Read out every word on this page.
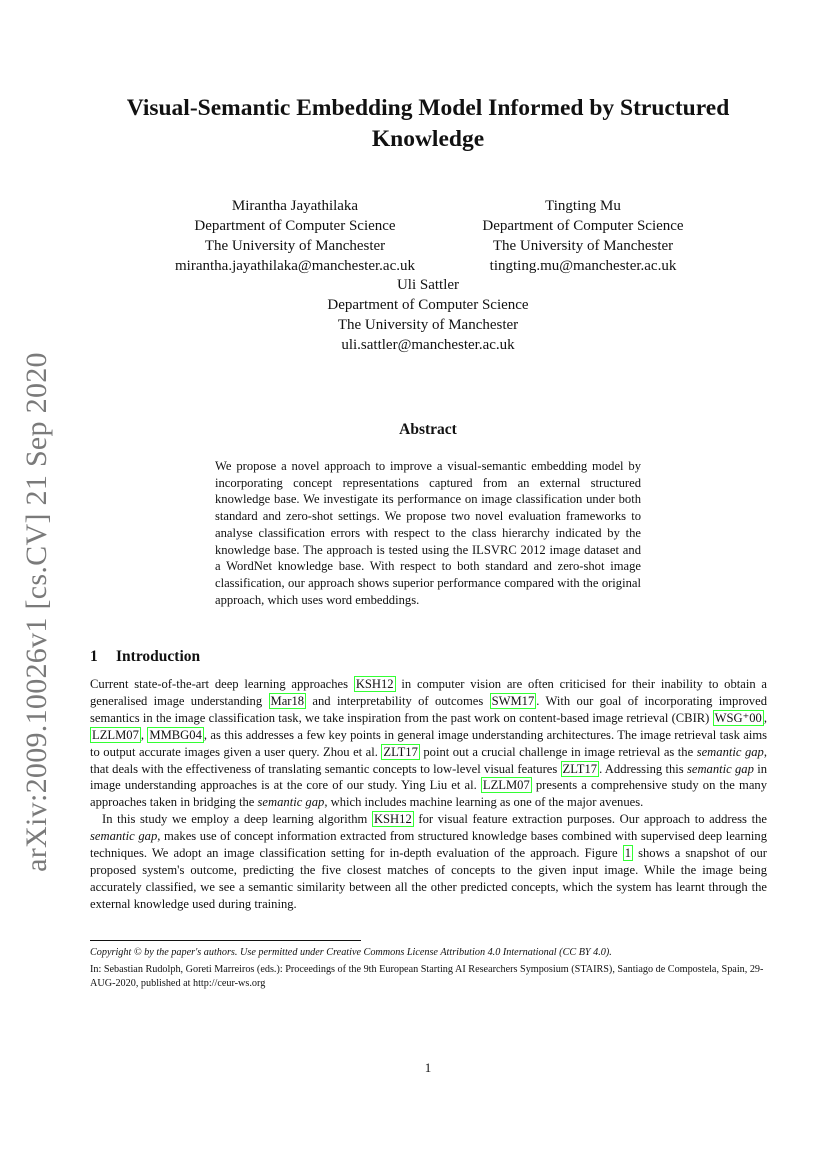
arXiv:2009.10026v1 [cs.CV] 21 Sep 2020
Visual-Semantic Embedding Model Informed by Structured Knowledge
Mirantha Jayathilaka
Department of Computer Science
The University of Manchester
mirantha.jayathilaka@manchester.ac.uk
Tingting Mu
Department of Computer Science
The University of Manchester
tingting.mu@manchester.ac.uk
Uli Sattler
Department of Computer Science
The University of Manchester
uli.sattler@manchester.ac.uk
Abstract
We propose a novel approach to improve a visual-semantic embedding model by incorporating concept representations captured from an external structured knowledge base. We investigate its performance on image classification under both standard and zero-shot settings. We propose two novel evaluation frameworks to analyse classification errors with respect to the class hierarchy indicated by the knowledge base. The approach is tested using the ILSVRC 2012 image dataset and a WordNet knowledge base. With respect to both standard and zero-shot image classification, our approach shows superior performance compared with the original approach, which uses word embeddings.
1 Introduction

Current state-of-the-art deep learning approaches KSH12 in computer vision are often criticised for their inability to obtain a generalised image understanding Mar18 and interpretability of outcomes SWM17 . With our goal of incorporating improved semantics in the image classification task, we take inspiration from the past work on content-based image retrieval (CBIR) WSG⁺00 , LZLM07 , MMBG04 , as this addresses a few key points in general image understanding architectures. The image retrieval task aims to output accurate images given a user query. Zhou et al. ZLT17 point out a crucial challenge in image retrieval as the semantic gap, that deals with the effectiveness of translating semantic concepts to low-level visual features ZLT17 . Addressing this semantic gap in image understanding approaches is at the core of our study. Ying Liu et al. LZLM07 presents a comprehensive study on the many approaches taken in bridging the semantic gap, which includes machine learning as one of the major avenues.

In this study we employ a deep learning algorithm KSH12 for visual feature extraction purposes. Our approach to address the semantic gap, makes use of concept information extracted from structured knowledge bases combined with supervised deep learning techniques. We adopt an image classification setting for in-depth evaluation of the approach. Figure 1 shows a snapshot of our proposed system's outcome, predicting the five closest matches of concepts to the given input image. While the image being accurately classified, we see a semantic similarity between all the other predicted concepts, which the system has learnt through the external knowledge used during training.

Copyright © by the paper's authors. Use permitted under Creative Commons License Attribution 4.0 International (CC BY 4.0).
In: Sebastian Rudolph, Goreti Marreiros (eds.): Proceedings of the 9th European Starting AI Researchers Symposium (STAIRS), Santiago de Compostela, Spain, 29-AUG-2020, published at http://ceur-ws.org
1
